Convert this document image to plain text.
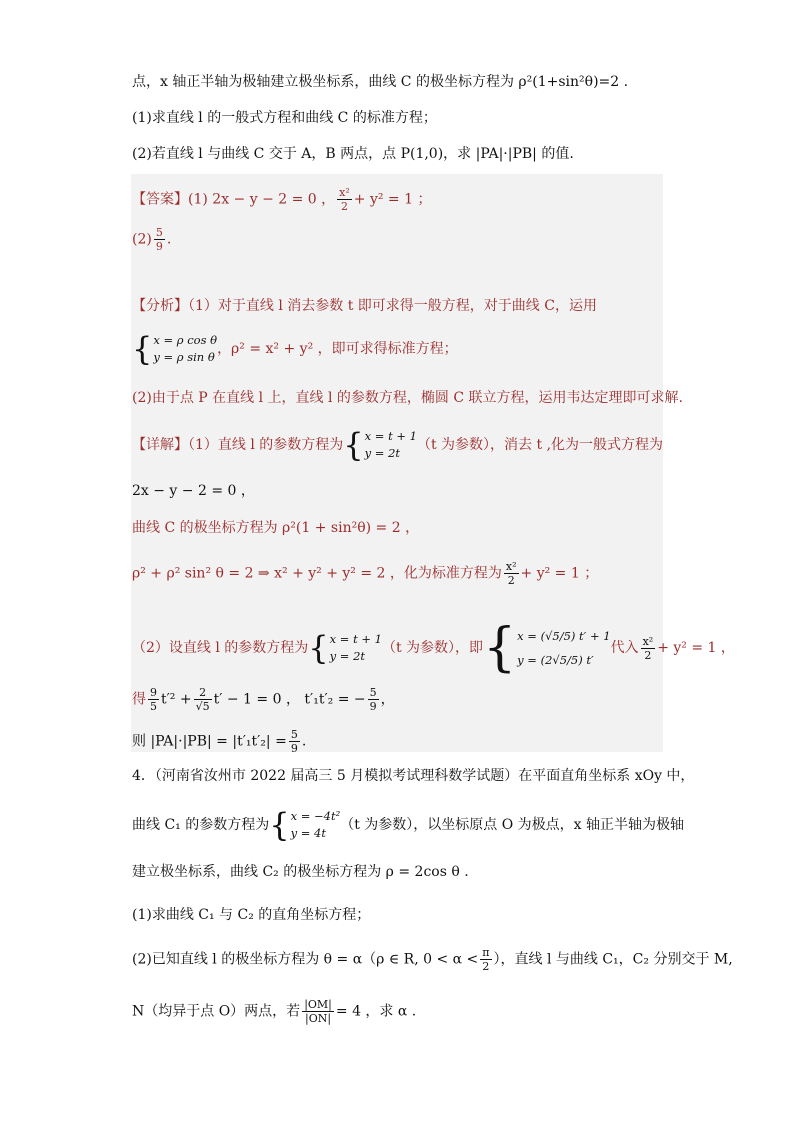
点，x 轴正半轴为极轴建立极坐标系，曲线 C 的极坐标方程为 ρ²(1+sin²θ)=2 .
(1)求直线 l 的一般式方程和曲线 C 的标准方程；
(2)若直线 l 与曲线 C 交于 A，B 两点，点 P(1,0)，求 |PA|·|PB| 的值.
【答案】(1) 2x − y − 2 = 0 ， $\frac{\text{x²}}{2} + y^2 = 1$ ；
$(2) \frac{5}{9}$ .
【分析】（1）对于直线 l 消去参数 t 即可求得一般方程，对于曲线 C，运用
{ x = ρ cos θ
y = ρ sin θ ，ρ² = x² + y² ，即可求得标准方程；
(2)由于点 P 在直线 l 上，直线 l 的参数方程，椭圆 C 联立方程，运用韦达定理即可求解.
【详解】（1）直线 l 的参数方程为{ x = t + 1
y = 2t	（t 为参数），消去 t ,化为一般式方程为
2x − y − 2 = 0 ，
曲线 C 的极坐标方程为 ρ²(1 + sin²θ) = 2 ，
ρ² + ρ² sin² θ = 2 ⇒ x² + y² + y² = 2 ，化为标准方程为 $\frac{\text{x²}}{2} + y^2 = 1$ ；
（2）设直线 l 的参数方程为{ x = t + 1
y = 2t	（t 为参数），即{ x = (√5/5) t′ + 1
y = (2√5/5) t′
代入 $\frac{\text{x²}}{2} + y^2 = 1$ ，
得 $\frac{9}{5} t'^2 + \frac{2}{√5} t' - 1 = 0$ ， t′₁t′₂ = − $\frac{5}{9}$ ，
则 $|PA|\cdot|PB| = |t'_1t'_2| = \frac{5}{9}$ .
4．（河南省汝州市 2022 届高三 5 月模拟考试理科数学试题）在平面直角坐标系 xOy 中，
曲线 C₁ 的参数方程为{ x = −4t²
y = 4t	（t 为参数），以坐标原点 O 为极点，x 轴正半轴为极轴
建立极坐标系，曲线 C₂ 的极坐标方程为 ρ = 2cos θ .
(1)求曲线 C₁ 与 C₂ 的直角坐标方程；
(2)已知直线 l 的极坐标方程为 θ = α（ρ ∈ R, $0 < \alpha < \frac{\pi}{2}$ ），直线 l 与曲线 C₁，C₂ 分别交于 M,
N（均异于点 O）两点，若 $\frac{|OM|}{|ON|} = 4$ ，求 α .
